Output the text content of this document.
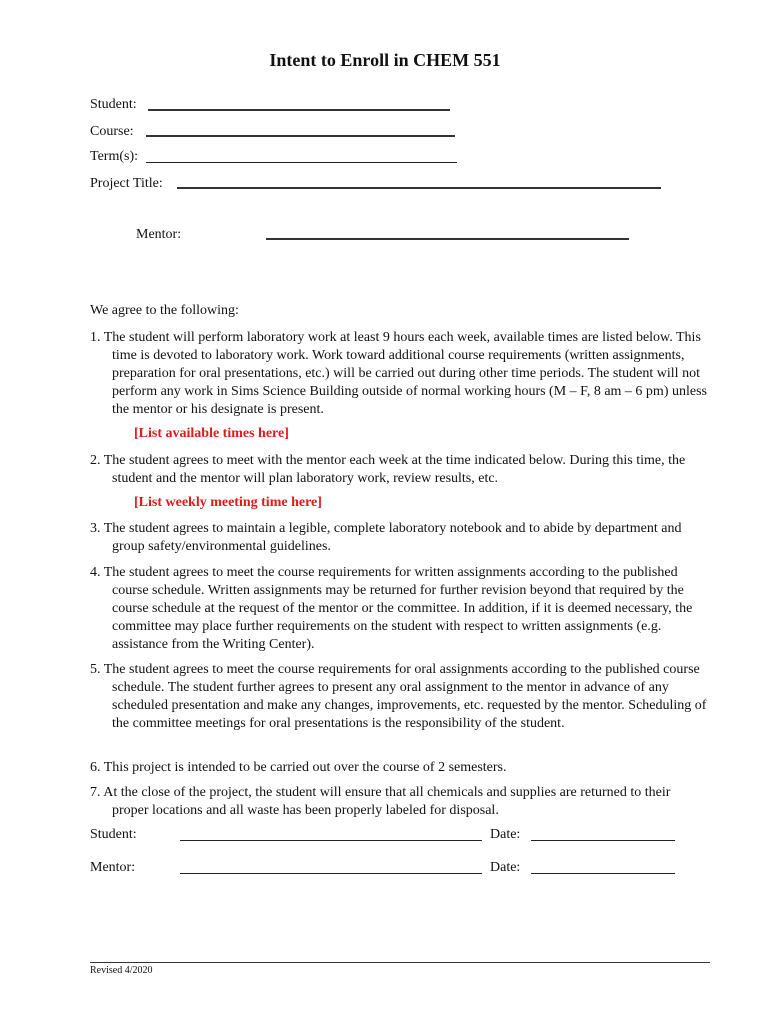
Intent to Enroll in CHEM 551
Student:
Course:
Term(s):
Project Title:
Mentor:
We agree to the following:
1. The student will perform laboratory work at least 9 hours each week, available times are listed below. This time is devoted to laboratory work. Work toward additional course requirements (written assignments, preparation for oral presentations, etc.) will be carried out during other time periods. The student will not perform any work in Sims Science Building outside of normal working hours (M – F, 8 am – 6 pm) unless the mentor or his designate is present.
[List available times here]
2. The student agrees to meet with the mentor each week at the time indicated below. During this time, the student and the mentor will plan laboratory work, review results, etc.
[List weekly meeting time here]
3. The student agrees to maintain a legible, complete laboratory notebook and to abide by department and group safety/environmental guidelines.
4. The student agrees to meet the course requirements for written assignments according to the published course schedule. Written assignments may be returned for further revision beyond that required by the course schedule at the request of the mentor or the committee. In addition, if it is deemed necessary, the committee may place further requirements on the student with respect to written assignments (e.g. assistance from the Writing Center).
5. The student agrees to meet the course requirements for oral assignments according to the published course schedule. The student further agrees to present any oral assignment to the mentor in advance of any scheduled presentation and make any changes, improvements, etc. requested by the mentor. Scheduling of the committee meetings for oral presentations is the responsibility of the student.
6. This project is intended to be carried out over the course of 2 semesters.
7. At the close of the project, the student will ensure that all chemicals and supplies are returned to their proper locations and all waste has been properly labeled for disposal.
Student:	Date:
Mentor:	Date:
Revised 4/2020
